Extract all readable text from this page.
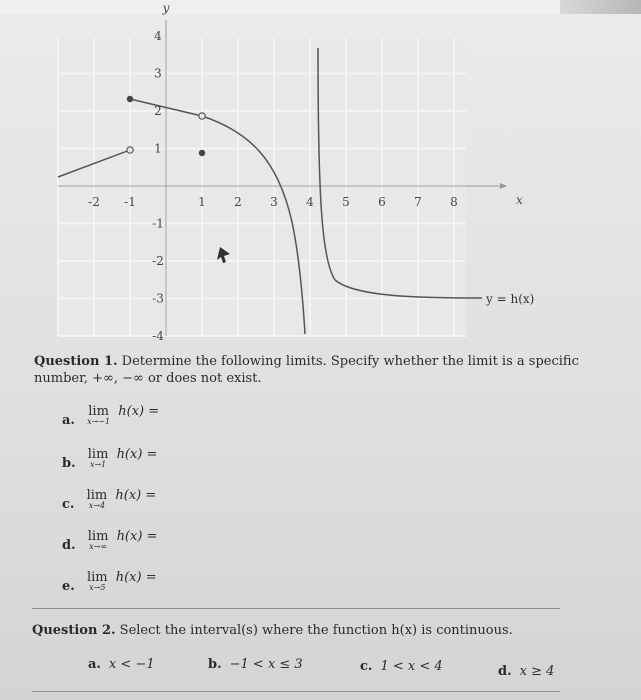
y
x
-2 -1	1 2 3 4 5 6 7 8
4
3
2
1
-1
-2
-3
-4
y = h(x)
Question 1. Determine the following limits. Specify whether the limit is a specific number, +∞, −∞ or does not exist.
a.
lim
x→−1
h(x) =
b.
lim
x→1
h(x) =
c.
lim
x→4
h(x) =
d.
lim
x→∞
h(x) =
e.
lim
x→5
h(x) =
Question 2. Select the interval(s) where the function h(x) is continuous.
a. x < −1	b. −1 < x ≤ 3	c. 1 < x < 4	d. x ≥ 4
